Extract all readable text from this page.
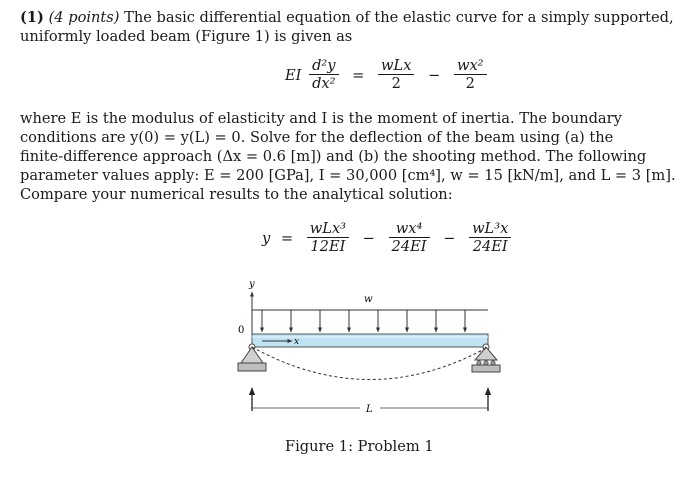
(1) (4 points) The basic differential equation of the elastic curve for a simply supported,
uniformly loaded beam (Figure 1) is given as

EI $\frac{\text{d²y}}{\text{dx²}} = \frac{\text{wLx}}{2} - \frac{\text{wx²}}{2}$

where E is the modulus of elasticity and I is the moment of inertia. The boundary
conditions are y(0) = y(L) = 0. Solve for the deflection of the beam using (a) the
finite-difference approach (Δx = 0.6 [m]) and (b) the shooting method. The following
parameter values apply: E = 200 [GPa], I = 30,000 [cm⁴], w = 15 [kN/m], and L = 3 [m].
Compare your numerical results to the analytical solution:

$y = \frac{\text{wLx³}}{12EI} - \frac{\text{wx⁴}}{24EI} - \frac{\text{wL³x}}{24EI}$
y
0
w
x
L
Figure 1: Problem 1
